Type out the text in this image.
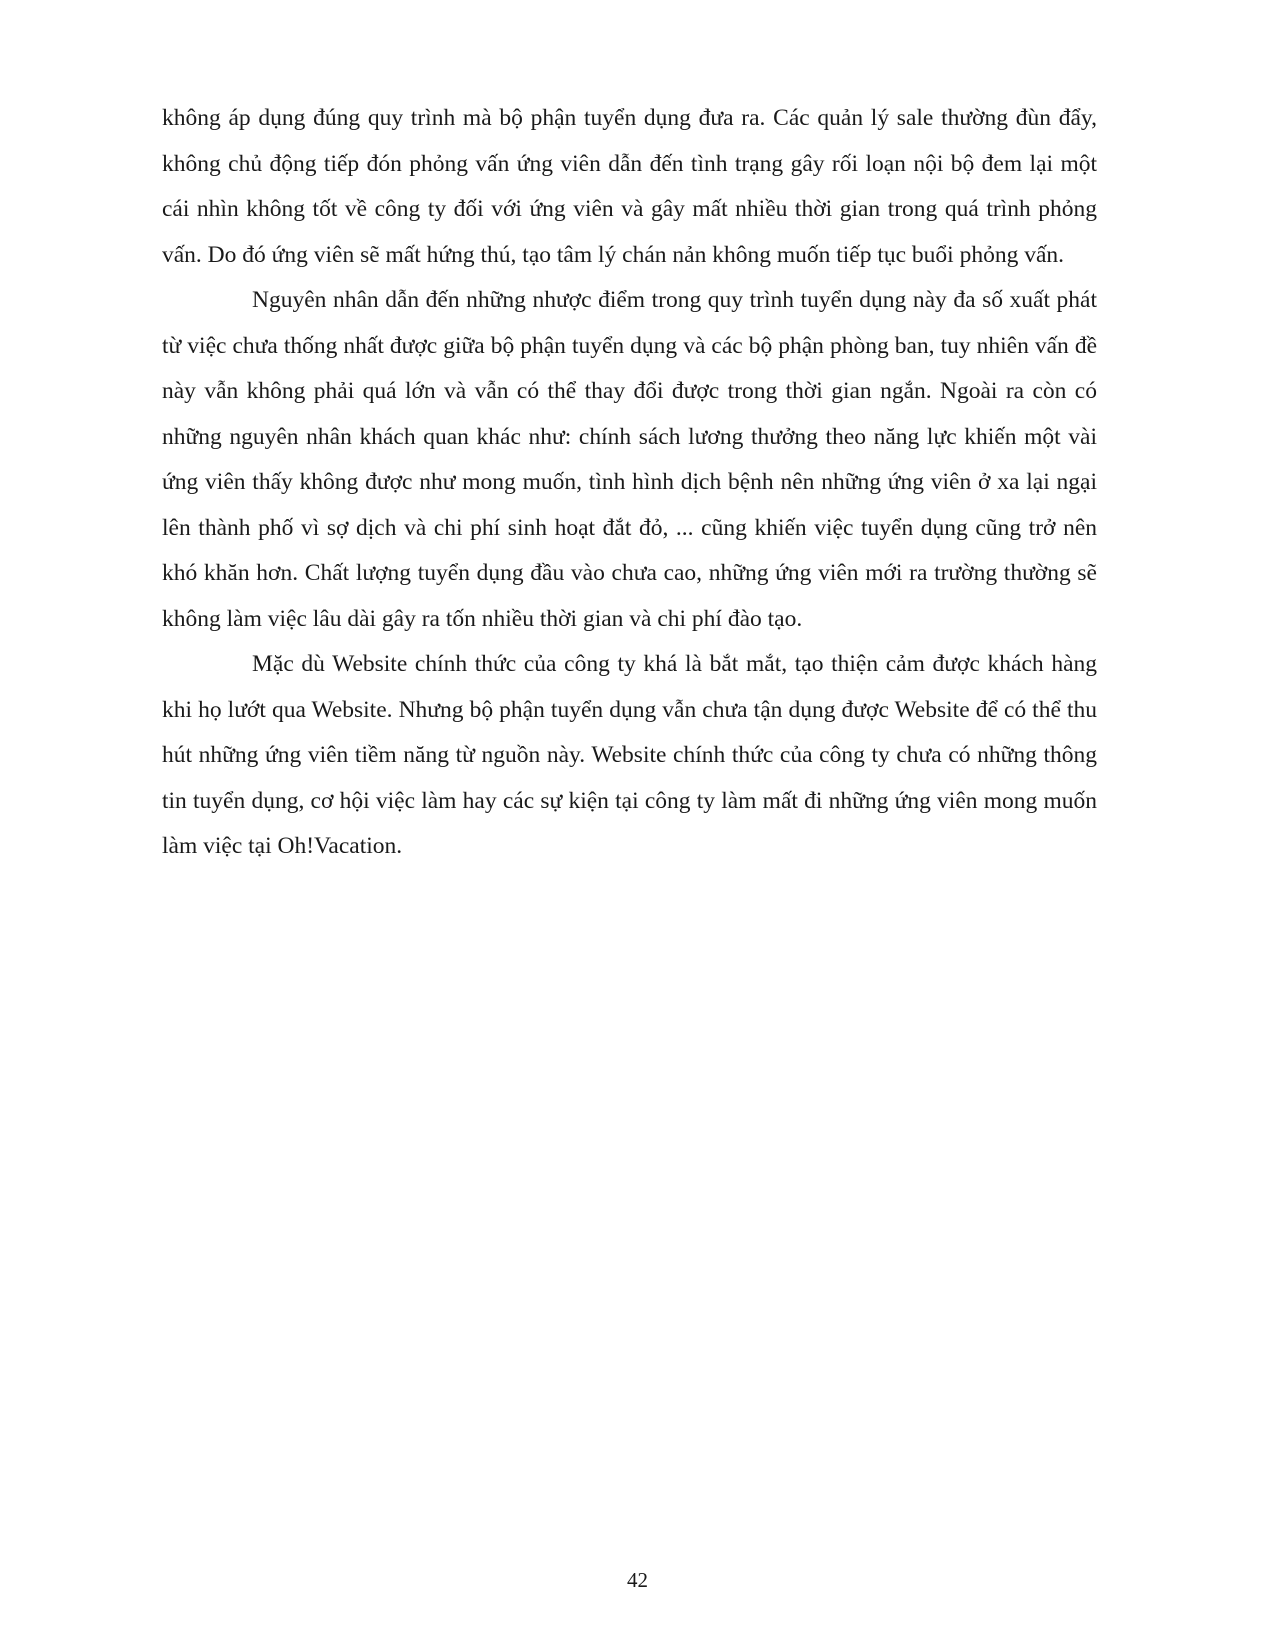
không áp dụng đúng quy trình mà bộ phận tuyển dụng đưa ra. Các quản lý sale thường đùn đẩy, không chủ động tiếp đón phỏng vấn ứng viên dẫn đến tình trạng gây rối loạn nội bộ đem lại một cái nhìn không tốt về công ty đối với ứng viên và gây mất nhiều thời gian trong quá trình phỏng vấn. Do đó ứng viên sẽ mất hứng thú, tạo tâm lý chán nản không muốn tiếp tục buổi phỏng vấn.

Nguyên nhân dẫn đến những nhược điểm trong quy trình tuyển dụng này đa số xuất phát từ việc chưa thống nhất được giữa bộ phận tuyển dụng và các bộ phận phòng ban, tuy nhiên vấn đề này vẫn không phải quá lớn và vẫn có thể thay đổi được trong thời gian ngắn. Ngoài ra còn có những nguyên nhân khách quan khác như: chính sách lương thưởng theo năng lực khiến một vài ứng viên thấy không được như mong muốn, tình hình dịch bệnh nên những ứng viên ở xa lại ngại lên thành phố vì sợ dịch và chi phí sinh hoạt đắt đỏ, ... cũng khiến việc tuyển dụng cũng trở nên khó khăn hơn. Chất lượng tuyển dụng đầu vào chưa cao, những ứng viên mới ra trường thường sẽ không làm việc lâu dài gây ra tốn nhiều thời gian và chi phí đào tạo.

Mặc dù Website chính thức của công ty khá là bắt mắt, tạo thiện cảm được khách hàng khi họ lướt qua Website. Nhưng bộ phận tuyển dụng vẫn chưa tận dụng được Website để có thể thu hút những ứng viên tiềm năng từ nguồn này. Website chính thức của công ty chưa có những thông tin tuyển dụng, cơ hội việc làm hay các sự kiện tại công ty làm mất đi những ứng viên mong muốn làm việc tại Oh!Vacation.

42
